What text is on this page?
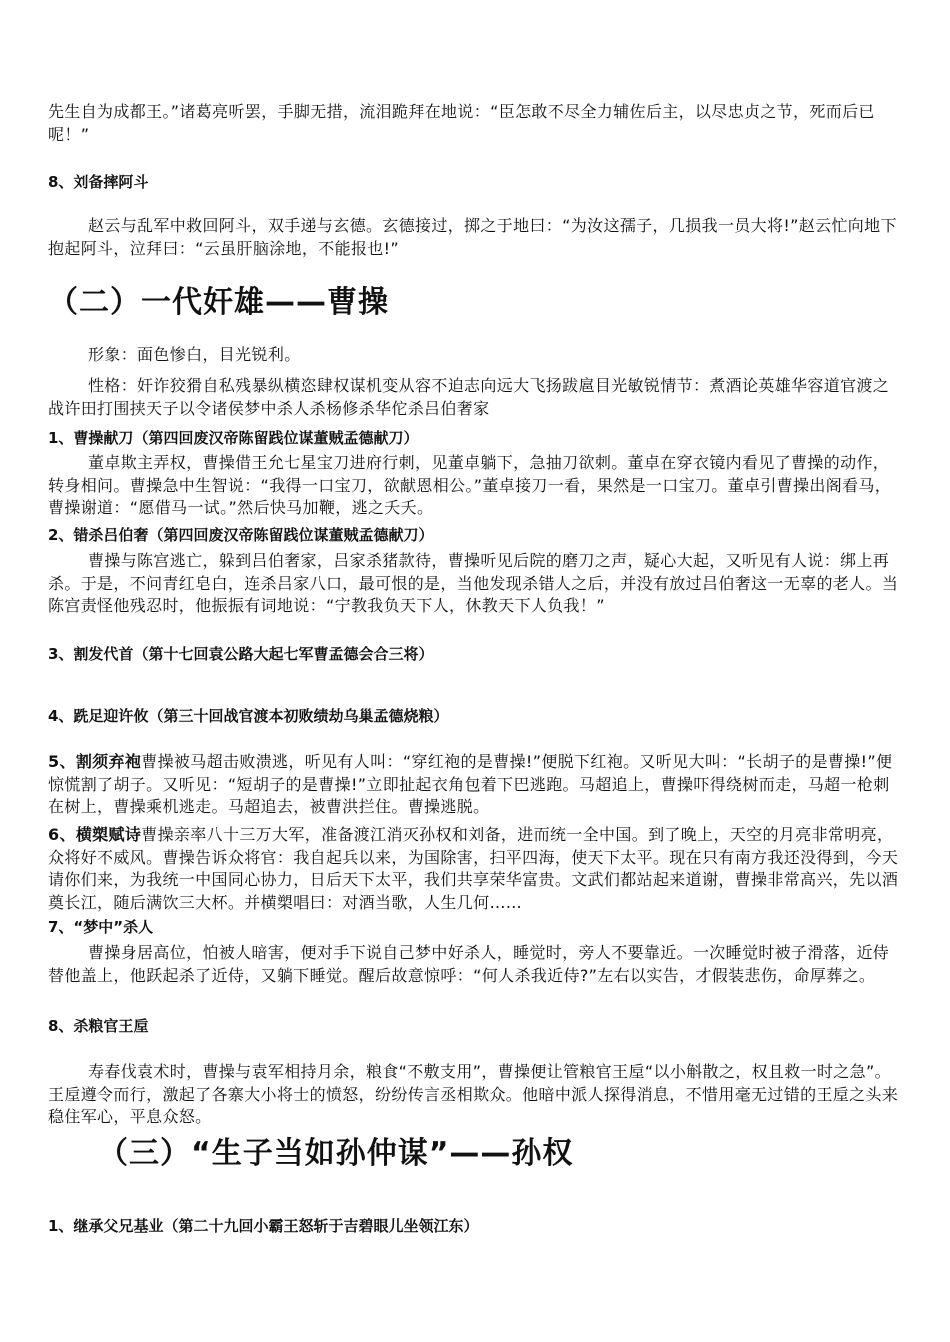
先生自为成都王。”诸葛亮听罢，手脚无措，流泪跪拜在地说：“臣怎敢不尽全力辅佐后主，以尽忠贞之节，死而后已呢！”
8、刘备摔阿斗
赵云与乱军中救回阿斗，双手递与玄德。玄德接过，掷之于地曰：“为汝这孺子，几损我一员大将!”赵云忙向地下抱起阿斗，泣拜曰：“云虽肝脑涂地，不能报也!”
（二）一代奸雄——曹操
形象：面色惨白，目光锐利。
性格：奸诈狡猾自私残暴纵横恣肆权谋机变从容不迫志向远大飞扬跋扈目光敏锐情节：煮酒论英雄华容道官渡之战许田打围挟天子以令诸侯梦中杀人杀杨修杀华佗杀吕伯奢家
1、曹操献刀（第四回废汉帝陈留践位谋董贼孟德献刀）
董卓欺主弄权，曹操借王允七星宝刀进府行刺，见董卓躺下，急抽刀欲刺。董卓在穿衣镜内看见了曹操的动作，转身相问。曹操急中生智说：“我得一口宝刀，欲献恩相公。”董卓接刀一看，果然是一口宝刀。董卓引曹操出阁看马，曹操谢道：“愿借马一试。”然后快马加鞭，逃之夭夭。
2、错杀吕伯奢（第四回废汉帝陈留践位谋董贼孟德献刀）
曹操与陈宫逃亡，躲到吕伯奢家，吕家杀猪款待，曹操听见后院的磨刀之声，疑心大起，又听见有人说：绑上再杀。于是，不问青红皂白，连杀吕家八口，最可恨的是，当他发现杀错人之后，并没有放过吕伯奢这一无辜的老人。当陈宫责怪他残忍时，他振振有词地说：“宁教我负天下人，休教天下人负我！”
3、割发代首（第十七回袁公路大起七军曹孟德会合三将）
4、跣足迎许攸（第三十回战官渡本初败绩劫乌巢孟德烧粮）
5、割须弃袍曹操被马超击败溃逃，听见有人叫：“穿红袍的是曹操!”便脱下红袍。又听见大叫：“长胡子的是曹操!”便惊慌割了胡子。又听见：“短胡子的是曹操!”立即扯起衣角包着下巴逃跑。马超追上，曹操吓得绕树而走，马超一枪刺在树上，曹操乘机逃走。马超追去，被曹洪拦住。曹操逃脱。
6、横槊赋诗曹操亲率八十三万大军，准备渡江消灭孙权和刘备，进而统一全中国。到了晚上，天空的月亮非常明亮，众将好不威风。曹操告诉众将官：我自起兵以来，为国除害，扫平四海，使天下太平。现在只有南方我还没得到，今天请你们来，为我统一中国同心协力，日后天下太平，我们共享荣华富贵。文武们都站起来道谢，曹操非常高兴，先以酒奠长江，随后满饮三大杯。并横槊唱曰：对酒当歌，人生几何……
7、“梦中”杀人
曹操身居高位，怕被人暗害，便对手下说自己梦中好杀人，睡觉时，旁人不要靠近。一次睡觉时被子滑落，近侍替他盖上，他跃起杀了近侍，又躺下睡觉。醒后故意惊呼：“何人杀我近侍?”左右以实告，才假装悲伤，命厚葬之。
8、杀粮官王垕
寿春伐袁术时，曹操与袁军相持月余，粮食“不敷支用”，曹操便让管粮官王垕“以小斛散之，权且救一时之急”。王垕遵令而行，激起了各寨大小将士的愤怒，纷纷传言丞相欺众。他暗中派人探得消息，不惜用毫无过错的王垕之头来稳住军心，平息众怒。
（三）“生子当如孙仲谋”——孙权
1、继承父兄基业（第二十九回小霸王怒斩于吉碧眼儿坐领江东）
